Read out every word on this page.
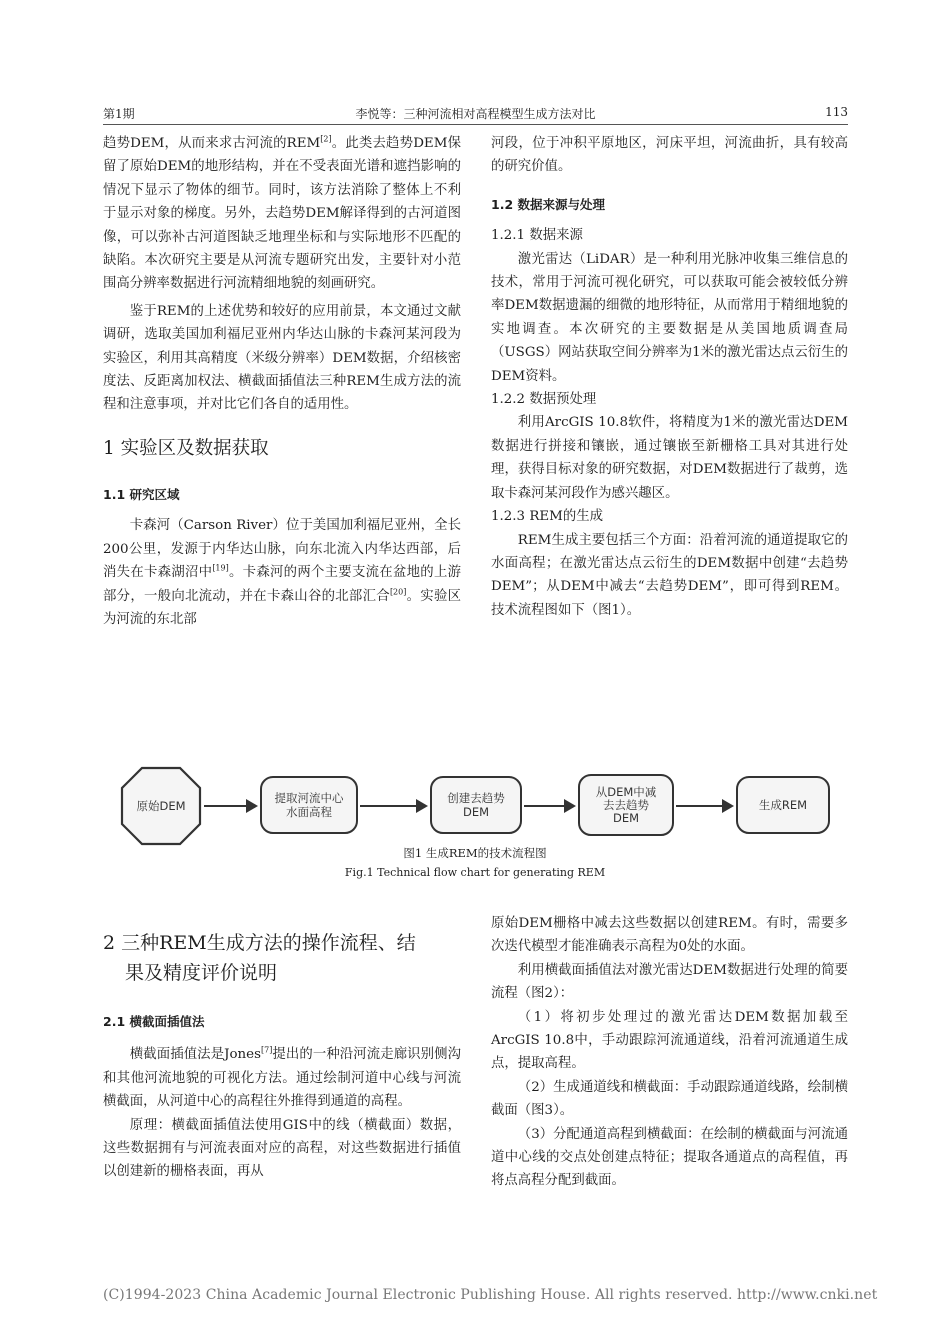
第1期	李悦等：三种河流相对高程模型生成方法对比	113

趋势DEM，从而来求古河流的REM[2]。此类去趋势DEM保留了原始DEM的地形结构，并在不受表面光谱和遮挡影响的情况下显示了物体的细节。同时，该方法消除了整体上不利于显示对象的梯度。另外，去趋势DEM解译得到的古河道图像，可以弥补古河道图缺乏地理坐标和与实际地形不匹配的缺陷。本次研究主要是从河流专题研究出发，主要针对小范围高分辨率数据进行河流精细地貌的刻画研究。

鉴于REM的上述优势和较好的应用前景，本文通过文献调研，选取美国加利福尼亚州内华达山脉的卡森河某河段为实验区，利用其高精度（米级分辨率）DEM数据，介绍核密度法、反距离加权法、横截面插值法三种REM生成方法的流程和注意事项，并对比它们各自的适用性。

1 实验区及数据获取
1.1 研究区域

卡森河（Carson River）位于美国加利福尼亚州，全长200公里，发源于内华达山脉，向东北流入内华达西部，后消失在卡森湖沼中[19]。卡森河的两个主要支流在盆地的上游部分，一般向北流动，并在卡森山谷的北部汇合[20]。实验区为河流的东北部

河段，位于冲积平原地区，河床平坦，河流曲折，具有较高的研究价值。

1.2 数据来源与处理
1.2.1 数据来源

激光雷达（LiDAR）是一种利用光脉冲收集三维信息的技术，常用于河流可视化研究，可以获取可能会被较低分辨率DEM数据遗漏的细微的地形特征，从而常用于精细地貌的实地调查。本次研究的主要数据是从美国地质调查局（USGS）网站获取空间分辨率为1米的激光雷达点云衍生的DEM资料。

1.2.2 数据预处理

利用ArcGIS 10.8软件，将精度为1米的激光雷达DEM数据进行拼接和镶嵌，通过镶嵌至新栅格工具对其进行处理，获得目标对象的研究数据，对DEM数据进行了裁剪，选取卡森河某河段作为感兴趣区。

1.2.3 REM的生成

REM生成主要包括三个方面：沿着河流的通道提取它的水面高程；在激光雷达点云衍生的DEM数据中创建“去趋势DEM”；从DEM中减去“去趋势DEM”，即可得到REM。技术流程图如下（图1）。

原始DEM
提取河流中心
水面高程
创建去趋势
DEM
从DEM中减
去去趋势
DEM
生成REM
图1 生成REM的技术流程图
Fig.1 Technical flow chart for generating REM
2 三种REM生成方法的操作流程、结
果及精度评价说明
2.1 横截面插值法

横截面插值法是Jones[7]提出的一种沿河流走廊识别侧沟和其他河流地貌的可视化方法。通过绘制河道中心线与河流横截面，从河道中心的高程往外推得到通道的高程。

原理：横截面插值法使用GIS中的线（横截面）数据，这些数据拥有与河流表面对应的高程，对这些数据进行插值以创建新的栅格表面，再从

原始DEM栅格中减去这些数据以创建REM。有时，需要多次迭代模型才能准确表示高程为0处的水面。

利用横截面插值法对激光雷达DEM数据进行处理的简要流程（图2）：

（1）将初步处理过的激光雷达DEM数据加载至ArcGIS 10.8中，手动跟踪河流通道线，沿着河流通道生成点，提取高程。

（2）生成通道线和横截面：手动跟踪通道线路，绘制横截面（图3）。

（3）分配通道高程到横截面：在绘制的横截面与河流通道中心线的交点处创建点特征；提取各通道点的高程值，再将点高程分配到截面。

(C)1994-2023 China Academic Journal Electronic Publishing House. All rights reserved. http://www.cnki.net
